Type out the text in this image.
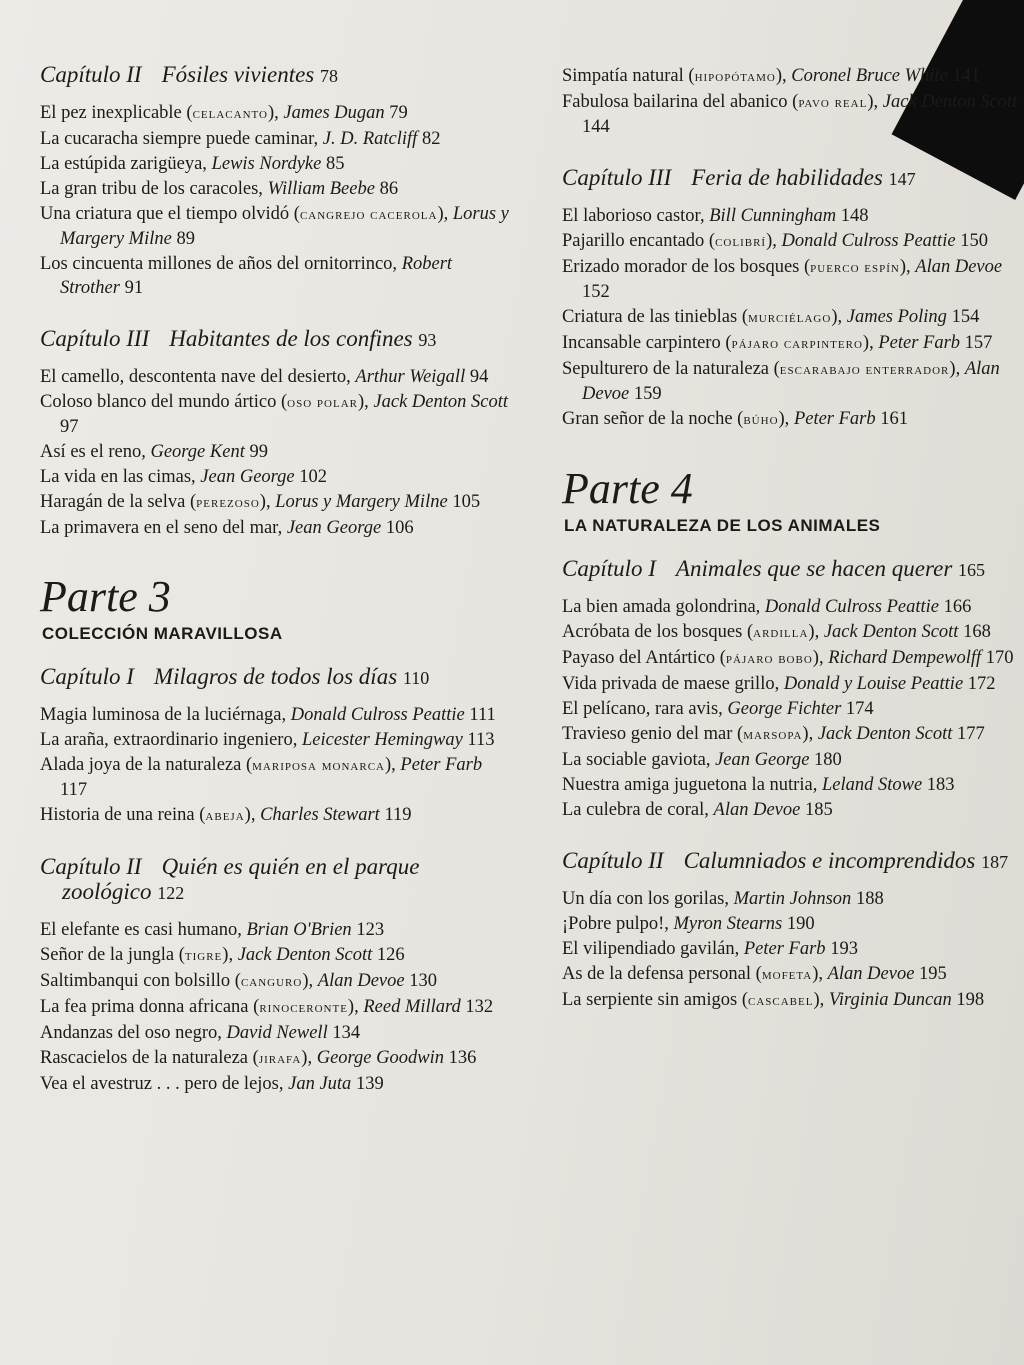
Capítulo II Fósiles vivientes 78
El pez inexplicable (celacanto), James Dugan 79
La cucaracha siempre puede caminar, J. D. Ratcliff 82
La estúpida zarigüeya, Lewis Nordyke 85
La gran tribu de los caracoles, William Beebe 86
Una criatura que el tiempo olvidó (cangrejo cacerola), Lorus y Margery Milne 89
Los cincuenta millones de años del ornitorrinco, Robert Strother 91
Capítulo III Habitantes de los confines 93
El camello, descontenta nave del desierto, Arthur Weigall 94
Coloso blanco del mundo ártico (oso polar), Jack Denton Scott 97
Así es el reno, George Kent 99
La vida en las cimas, Jean George 102
Haragán de la selva (perezoso), Lorus y Margery Milne 105
La primavera en el seno del mar, Jean George 106
Parte 3
COLECCIÓN MARAVILLOSA
Capítulo I Milagros de todos los días 110
Magia luminosa de la luciérnaga, Donald Culross Peattie 111
La araña, extraordinario ingeniero, Leicester Hemingway 113
Alada joya de la naturaleza (mariposa monarca), Peter Farb 117
Historia de una reina (abeja), Charles Stewart 119
Capítulo II Quién es quién en el parque zoológico 122
El elefante es casi humano, Brian O'Brien 123
Señor de la jungla (tigre), Jack Denton Scott 126
Saltimbanqui con bolsillo (canguro), Alan Devoe 130
La fea prima donna africana (rinoceronte), Reed Millard 132
Andanzas del oso negro, David Newell 134
Rascacielos de la naturaleza (jirafa), George Goodwin 136
Vea el avestruz . . . pero de lejos, Jan Juta 139
Simpatía natural (hipopótamo), Coronel Bruce White 141
Fabulosa bailarina del abanico (pavo real), Jack Denton Scott 144
Capítulo III Feria de habilidades 147
El laborioso castor, Bill Cunningham 148
Pajarillo encantado (colibrí), Donald Culross Peattie 150
Erizado morador de los bosques (puerco espín), Alan Devoe 152
Criatura de las tinieblas (murciélago), James Poling 154
Incansable carpintero (pájaro carpintero), Peter Farb 157
Sepulturero de la naturaleza (escarabajo enterrador), Alan Devoe 159
Gran señor de la noche (búho), Peter Farb 161
Parte 4
LA NATURALEZA DE LOS ANIMALES
Capítulo I Animales que se hacen querer 165
La bien amada golondrina, Donald Culross Peattie 166
Acróbata de los bosques (ardilla), Jack Denton Scott 168
Payaso del Antártico (pájaro bobo), Richard Dempewolff 170
Vida privada de maese grillo, Donald y Louise Peattie 172
El pelícano, rara avis, George Fichter 174
Travieso genio del mar (marsopa), Jack Denton Scott 177
La sociable gaviota, Jean George 180
Nuestra amiga juguetona la nutria, Leland Stowe 183
La culebra de coral, Alan Devoe 185
Capítulo II Calumniados e incomprendidos 187
Un día con los gorilas, Martin Johnson 188
¡Pobre pulpo!, Myron Stearns 190
El vilipendiado gavilán, Peter Farb 193
As de la defensa personal (mofeta), Alan Devoe 195
La serpiente sin amigos (cascabel), Virginia Duncan 198
